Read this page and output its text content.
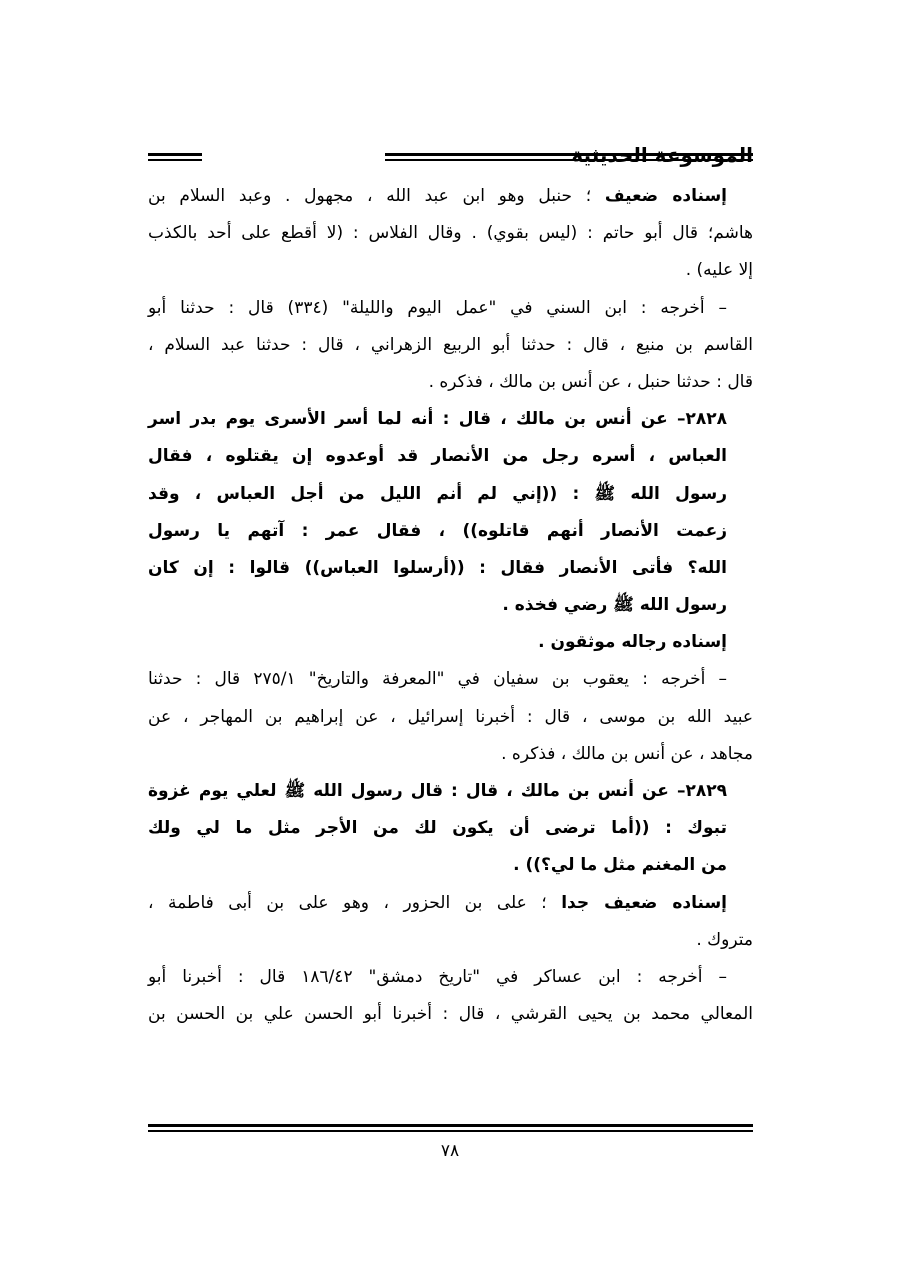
الموسوعة الحديثية
إسناده ضعيف ؛ حنبل وهو ابن عبد الله ، مجهول . وعبد السلام بن
هاشم؛ قال أبو حاتم : (ليس بقوي) . وقال الفلاس : (لا أقطع على أحد بالكذب
إلا عليه) .
– أخرجه : ابن السني في "عمل اليوم والليلة" (٣٣٤) قال : حدثنا أبو
القاسم بن منيع ، قال : حدثنا أبو الربيع الزهراني ، قال : حدثنا عبد السلام ،
قال : حدثنا حنبل ، عن أنس بن مالك ، فذكره .
٢٨٢٨– عن أنس بن مالك ، قال : أنه لما أسر الأسرى يوم بدر اسر
العباس ، أسره رجل من الأنصار قد أوعدوه إن يقتلوه ، فقال
رسول الله ﷺ : ((إني لم أنم الليل من أجل العباس ، وقد
زعمت الأنصار أنهم قاتلوه)) ، فقال عمر : آتهم يا رسول
الله؟ فأتى الأنصار فقال : ((أرسلوا العباس)) قالوا : إن كان
رسول الله ﷺ رضي فخذه .
إسناده رجاله موثقون .
– أخرجه : يعقوب بن سفيان في "المعرفة والتاريخ" ٢٧٥/١ قال : حدثنا
عبيد الله بن موسى ، قال : أخبرنا إسرائيل ، عن إبراهيم بن المهاجر ، عن
مجاهد ، عن أنس بن مالك ، فذكره .
٢٨٢٩– عن أنس بن مالك ، قال : قال رسول الله ﷺ لعلي يوم غزوة
تبوك : ((أما ترضى أن يكون لك من الأجر مثل ما لي ولك
من المغنم مثل ما لي؟)) .
إسناده ضعيف جدا ؛ على بن الحزور ، وهو على بن أبى فاطمة ،
متروك .
– أخرجه : ابن عساكر في "تاريخ دمشق" ١٨٦/٤٢ قال : أخبرنا أبو
المعالي محمد بن يحيى القرشي ، قال : أخبرنا أبو الحسن علي بن الحسن بن
٧٨
